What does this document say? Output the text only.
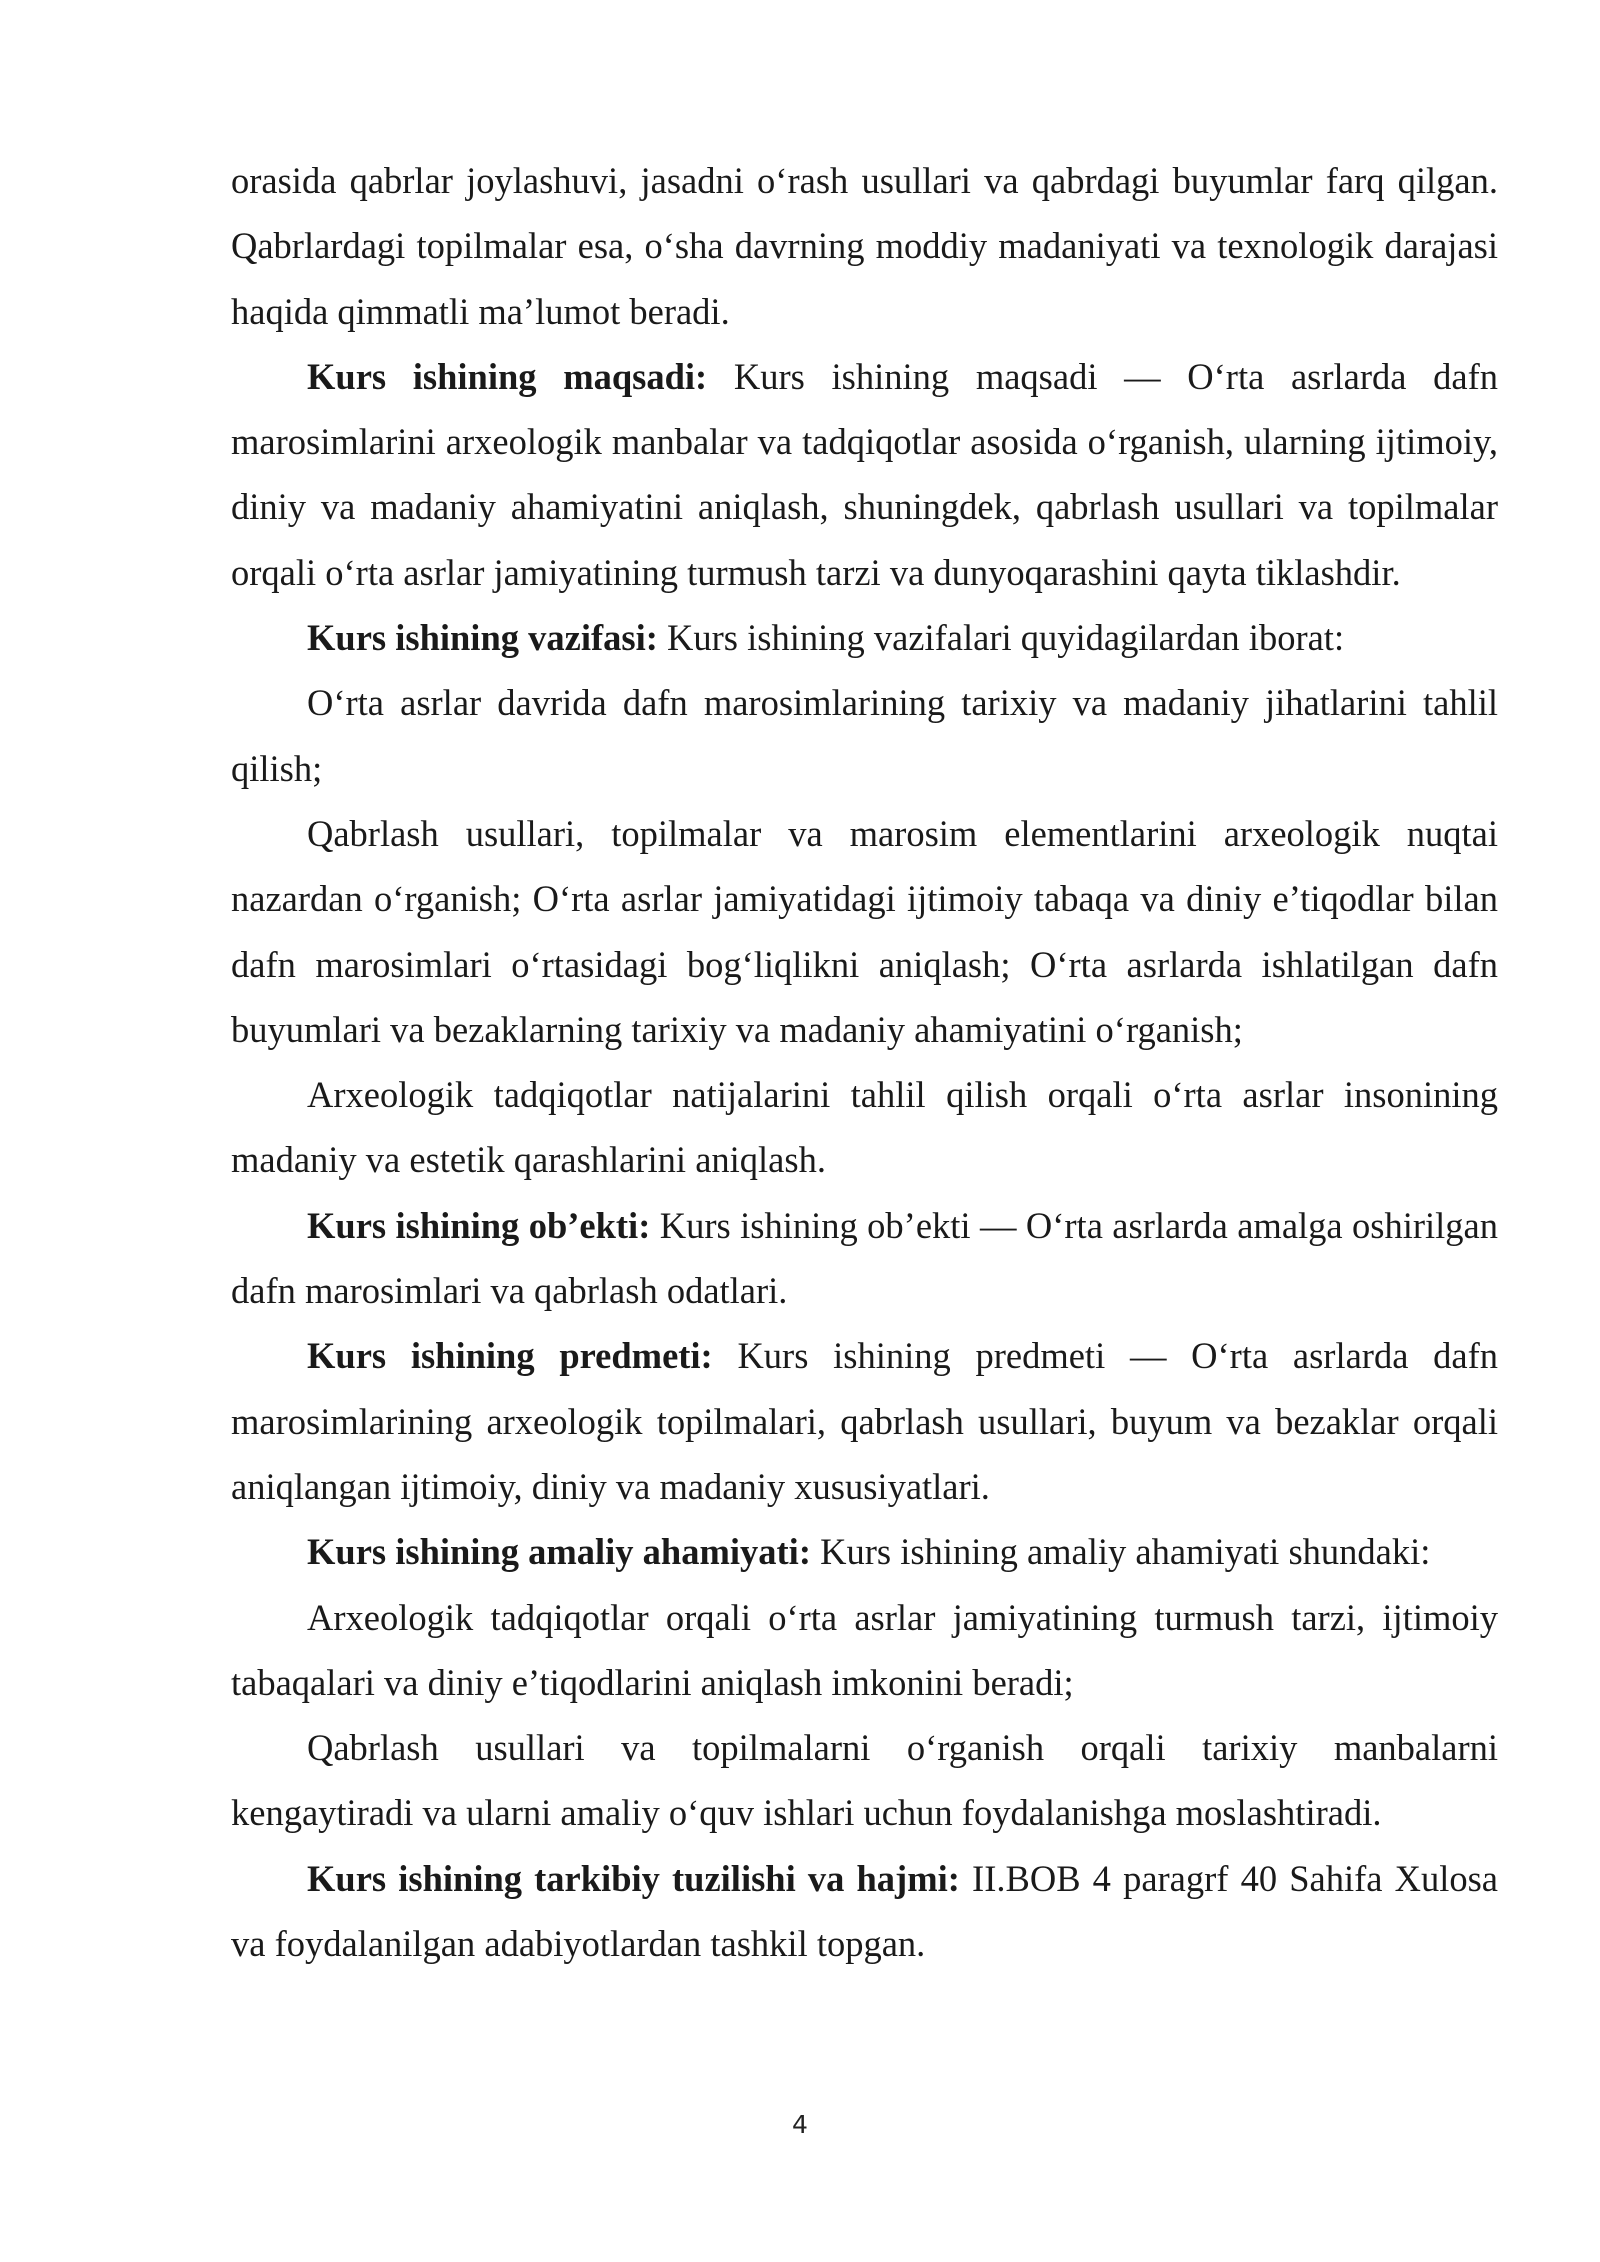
orasida qabrlar joylashuvi, jasadni o‘rash usullari va qabrdagi buyumlar farq qilgan. Qabrlardagi topilmalar esa, o‘sha davrning moddiy madaniyati va texnologik darajasi haqida qimmatli ma’lumot beradi.

Kurs ishining maqsadi: Kurs ishining maqsadi — O‘rta asrlarda dafn marosimlarini arxeologik manbalar va tadqiqotlar asosida o‘rganish, ularning ijtimoiy, diniy va madaniy ahamiyatini aniqlash, shuningdek, qabrlash usullari va topilmalar orqali o‘rta asrlar jamiyatining turmush tarzi va dunyoqarashini qayta tiklashdir.

Kurs ishining vazifasi: Kurs ishining vazifalari quyidagilardan iborat:

O‘rta asrlar davrida dafn marosimlarining tarixiy va madaniy jihatlarini tahlil qilish;

Qabrlash usullari, topilmalar va marosim elementlarini arxeologik nuqtai nazardan o‘rganish; O‘rta asrlar jamiyatidagi ijtimoiy tabaqa va diniy e’tiqodlar bilan dafn marosimlari o‘rtasidagi bog‘liqlikni aniqlash; O‘rta asrlarda ishlatilgan dafn buyumlari va bezaklarning tarixiy va madaniy ahamiyatini o‘rganish;

Arxeologik tadqiqotlar natijalarini tahlil qilish orqali o‘rta asrlar insonining madaniy va estetik qarashlarini aniqlash.

Kurs ishining ob’ekti: Kurs ishining ob’ekti — O‘rta asrlarda amalga oshirilgan dafn marosimlari va qabrlash odatlari.

Kurs ishining predmeti: Kurs ishining predmeti — O‘rta asrlarda dafn marosimlarining arxeologik topilmalari, qabrlash usullari, buyum va bezaklar orqali aniqlangan ijtimoiy, diniy va madaniy xususiyatlari.

Kurs ishining amaliy ahamiyati: Kurs ishining amaliy ahamiyati shundaki:

Arxeologik tadqiqotlar orqali o‘rta asrlar jamiyatining turmush tarzi, ijtimoiy tabaqalari va diniy e’tiqodlarini aniqlash imkonini beradi;

Qabrlash usullari va topilmalarni o‘rganish orqali tarixiy manbalarni kengaytiradi va ularni amaliy o‘quv ishlari uchun foydalanishga moslashtiradi.

Kurs ishining tarkibiy tuzilishi va hajmi: II.BOB 4 paragrf 40 Sahifa Xulosa va foydalanilgan adabiyotlardan tashkil topgan.

4
